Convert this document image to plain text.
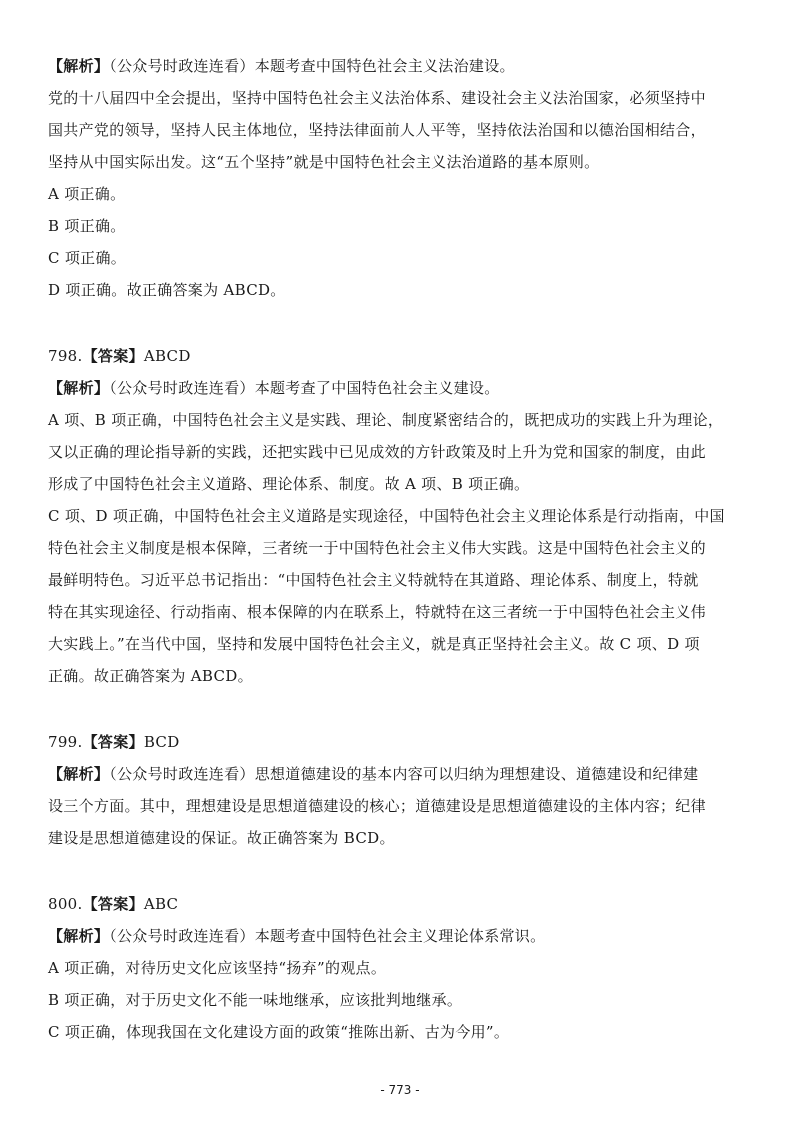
【解析】（公众号时政连连看）本题考查中国特色社会主义法治建设。
党的十八届四中全会提出，坚持中国特色社会主义法治体系、建设社会主义法治国家，必须坚持中
国共产党的领导，坚持人民主体地位，坚持法律面前人人平等，坚持依法治国和以德治国相结合，
坚持从中国实际出发。这“五个坚持”就是中国特色社会主义法治道路的基本原则。
A 项正确。
B 项正确。
C 项正确。
D 项正确。故正确答案为 ABCD。
798.【答案】ABCD
【解析】（公众号时政连连看）本题考查了中国特色社会主义建设。
A 项、B 项正确，中国特色社会主义是实践、理论、制度紧密结合的，既把成功的实践上升为理论，
又以正确的理论指导新的实践，还把实践中已见成效的方针政策及时上升为党和国家的制度，由此
形成了中国特色社会主义道路、理论体系、制度。故 A 项、B 项正确。
C 项、D 项正确，中国特色社会主义道路是实现途径，中国特色社会主义理论体系是行动指南，中国
特色社会主义制度是根本保障，三者统一于中国特色社会主义伟大实践。这是中国特色社会主义的
最鲜明特色。习近平总书记指出：“中国特色社会主义特就特在其道路、理论体系、制度上，特就
特在其实现途径、行动指南、根本保障的内在联系上，特就特在这三者统一于中国特色社会主义伟
大实践上。”在当代中国，坚持和发展中国特色社会主义，就是真正坚持社会主义。故 C 项、D 项
正确。故正确答案为 ABCD。
799.【答案】BCD
【解析】（公众号时政连连看）思想道德建设的基本内容可以归纳为理想建设、道德建设和纪律建
设三个方面。其中，理想建设是思想道德建设的核心；道德建设是思想道德建设的主体内容；纪律
建设是思想道德建设的保证。故正确答案为 BCD。
800.【答案】ABC
【解析】（公众号时政连连看）本题考查中国特色社会主义理论体系常识。
A 项正确，对待历史文化应该坚持“扬弃”的观点。
B 项正确，对于历史文化不能一味地继承，应该批判地继承。
C 项正确，体现我国在文化建设方面的政策“推陈出新、古为今用”。
- 773 -
